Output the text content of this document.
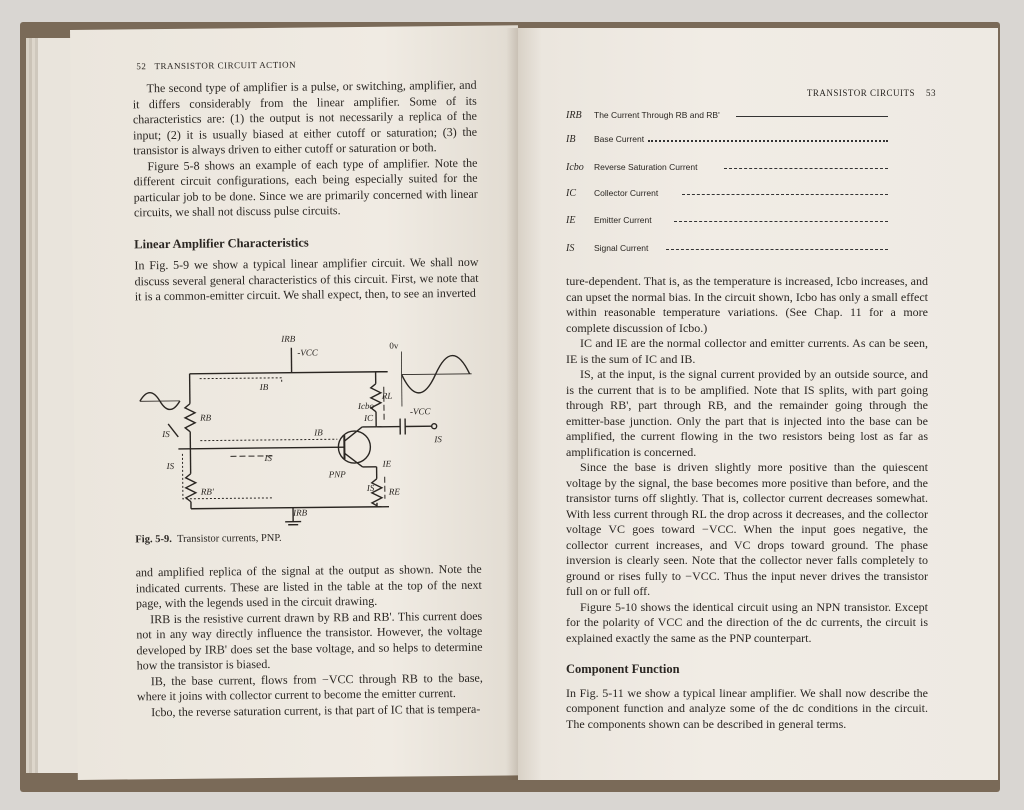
52 TRANSISTOR CIRCUIT ACTION

The second type of amplifier is a pulse, or switching, amplifier, and it differs considerably from the linear amplifier. Some of its characteristics are: (1) the output is not necessarily a replica of the input; (2) it is usually biased at either cutoff or saturation; (3) the transistor is always driven to either cutoff or saturation or both.

Figure 5-8 shows an example of each type of amplifier. Note the different circuit configurations, each being especially suited for the particular job to be done. Since we are primarily concerned with linear circuits, we shall not discuss pulse circuits.

Linear Amplifier Characteristics

In Fig. 5-9 we show a typical linear amplifier circuit. We shall now discuss several general characteristics of this circuit. First, we note that it is a common-emitter circuit. We shall expect, then, to see an inverted

IRB
-VCC
IB
RB
RL
Icbo
IC
-VCC
IS
IB
IS
IS
PNP
IE
RE
RB'
IRB
0v
IS
IS
Fig. 5-9. Transistor currents, PNP.

and amplified replica of the signal at the output as shown. Note the indicated currents. These are listed in the table at the top of the next page, with the legends used in the circuit drawing.

IRB is the resistive current drawn by RB and RB'. This current does not in any way directly influence the transistor. However, the voltage developed by IRB' does set the base voltage, and so helps to determine how the transistor is biased.

IB, the base current, flows from −VCC through RB to the base, where it joins with collector current to become the emitter current.

Icbo, the reverse saturation current, is that part of IC that is tempera-

TRANSISTOR CIRCUITS 53
IRB	The Current Through RB and RB'
IB	Base Current
Icbo	Reverse Saturation Current
IC	Collector Current
IE	Emitter Current
IS	Signal Current

ture-dependent. That is, as the temperature is increased, Icbo increases, and can upset the normal bias. In the circuit shown, Icbo has only a small effect within reasonable temperature variations. (See Chap. 11 for a more complete discussion of Icbo.)

IC and IE are the normal collector and emitter currents. As can be seen, IE is the sum of IC and IB.

IS, at the input, is the signal current provided by an outside source, and is the current that is to be amplified. Note that IS splits, with part going through RB', part through RB, and the remainder going through the emitter-base junction. Only the part that is injected into the base can be amplified, the current flowing in the two resistors being lost as far as amplification is concerned.

Since the base is driven slightly more positive than the quiescent voltage by the signal, the base becomes more positive than before, and the transistor turns off slightly. That is, collector current decreases somewhat. With less current through RL the drop across it decreases, and the collector voltage VC goes toward −VCC. When the input goes negative, the collector current increases, and VC drops toward ground. The phase inversion is clearly seen. Note that the collector never falls completely to ground or rises fully to −VCC. Thus the input never drives the transistor full on or full off.

Figure 5-10 shows the identical circuit using an NPN transistor. Except for the polarity of VCC and the direction of the dc currents, the circuit is explained exactly the same as the PNP counterpart.

Component Function

In Fig. 5-11 we show a typical linear amplifier. We shall now describe the component function and analyze some of the dc conditions in the circuit. The components shown can be described in general terms.
